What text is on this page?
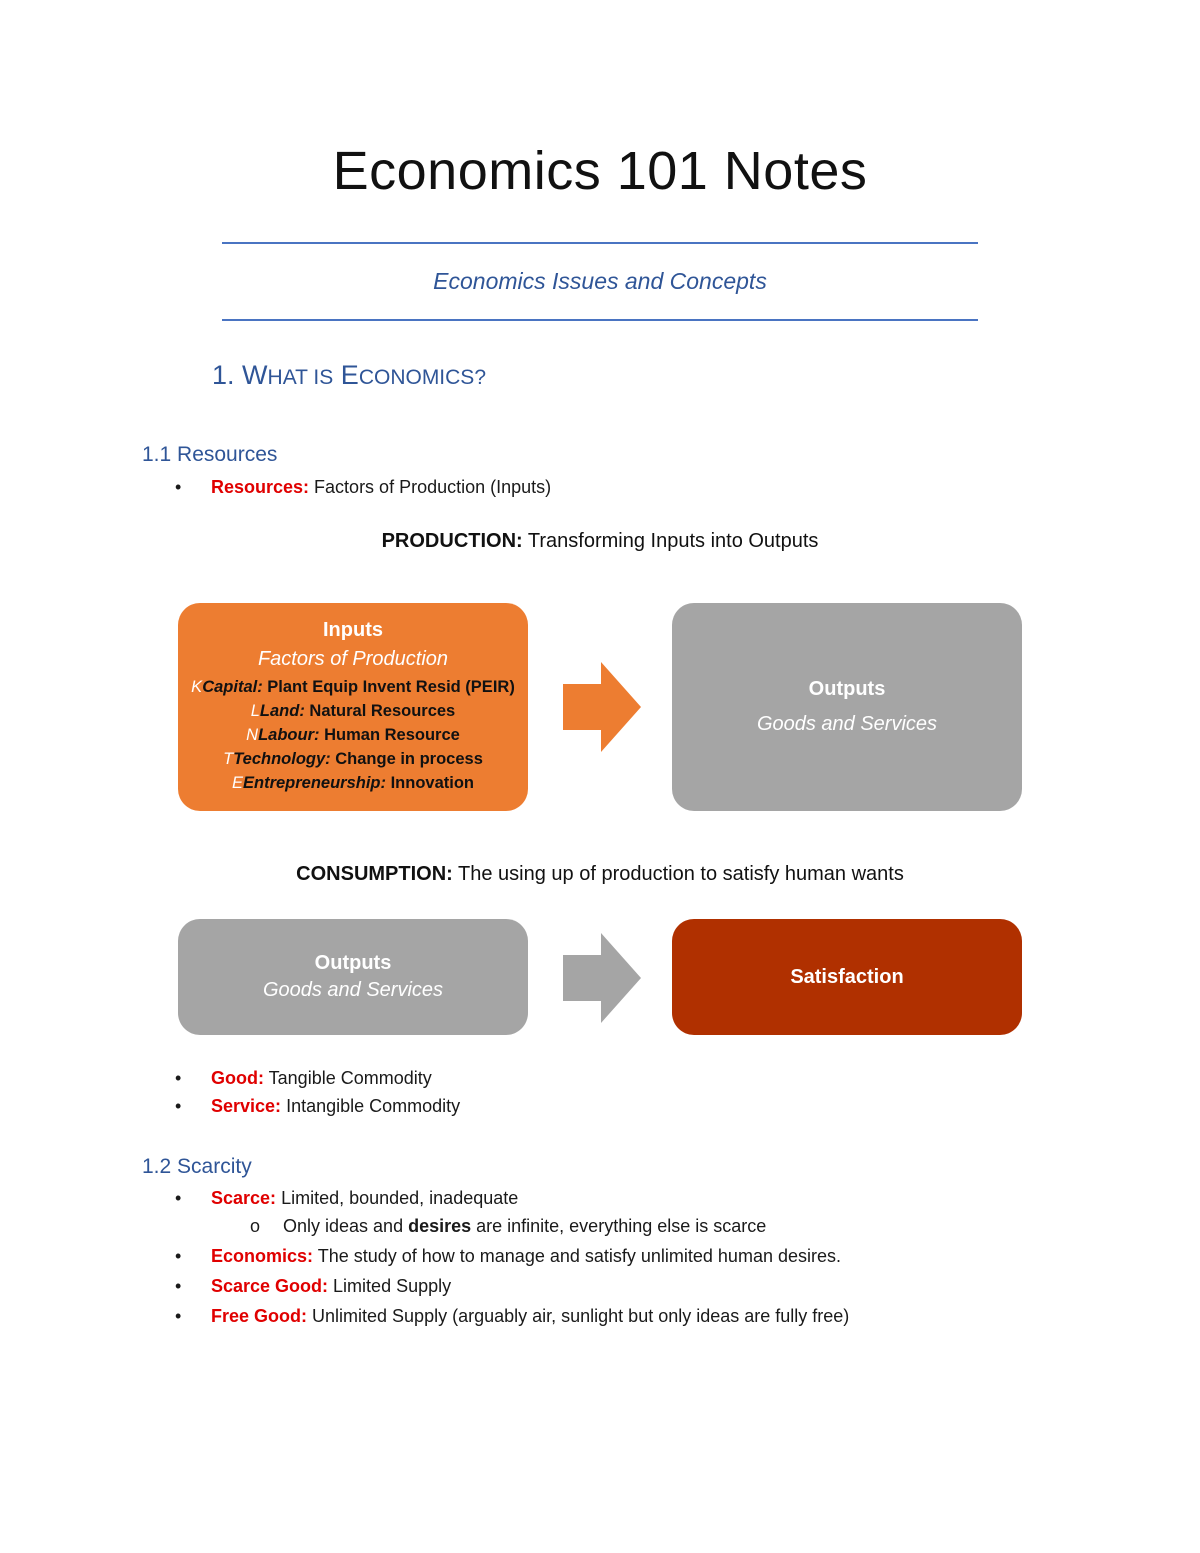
Economics 101 Notes
Economics Issues and Concepts
1. WHAT IS ECONOMICS?
1.1 Resources
• Resources: Factors of Production (Inputs)
PRODUCTION: Transforming Inputs into Outputs
Inputs
Factors of Production
KCapital: Plant Equip Invent Resid (PEIR)
LLand: Natural Resources
NLabour: Human Resource
TTechnology: Change in process
EEntrepreneurship: Innovation
Outputs
Goods and Services
CONSUMPTION: The using up of production to satisfy human wants
Outputs
Goods and Services
Satisfaction
• Good: Tangible Commodity
• Service: Intangible Commodity
1.2 Scarcity
• Scarce: Limited, bounded, inadequate
o Only ideas and desires are infinite, everything else is scarce
• Economics: The study of how to manage and satisfy unlimited human desires.
• Scarce Good: Limited Supply
• Free Good: Unlimited Supply (arguably air, sunlight but only ideas are fully free)
